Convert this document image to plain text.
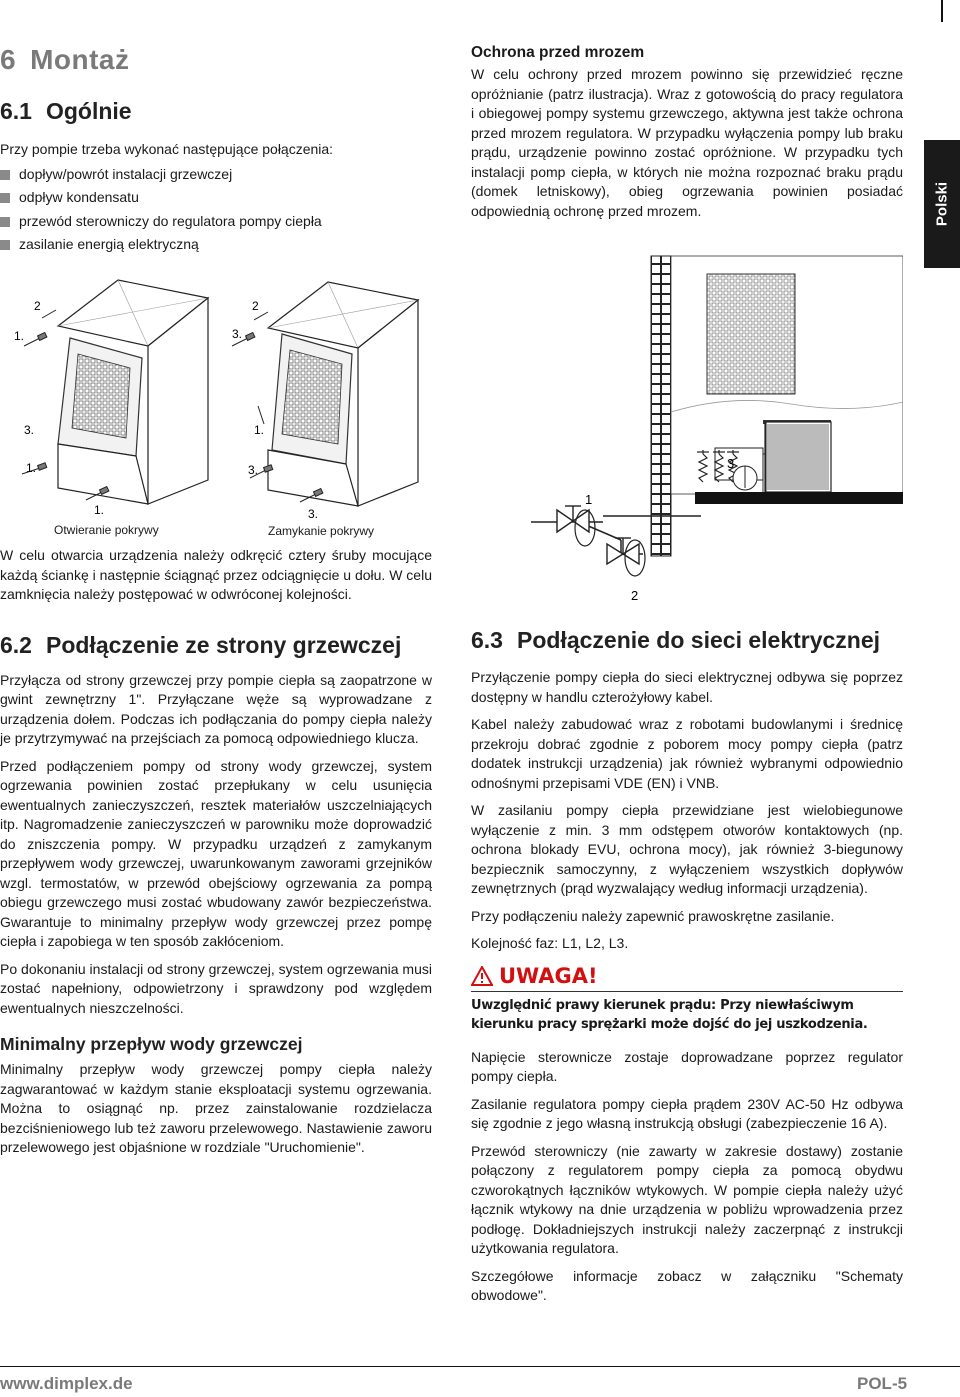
6 Montaż
6.1 Ogólnie

Przy pompie trzeba wykonać następujące połączenia:

dopływ/powrót instalacji grzewczej
odpływ kondensatu
przewód sterowniczy do regulatora pompy ciepła
zasilanie energią elektryczną
Ochrona przed mrozem

W celu ochrony przed mrozem powinno się przewidzieć ręczne opróżnianie (patrz ilustracja). Wraz z gotowością do pracy regulatora i obiegowej pompy systemu grzewczego, aktywna jest także ochrona przed mrozem regulatora. W przypadku wyłączenia pompy lub braku prądu, urządzenie powinno zostać opróżnione. W przypadku tych instalacji pomp ciepła, w których nie można rozpoznać braku prądu (domek letniskowy), obieg ogrzewania powinien posiadać odpowiednią ochronę przed mrozem.	Polski
2
1.
3.
1.
1.
2
3.
1.
3.
3.
Otwieranie pokrywy	Zamykanie pokrywy
1
2
3

W celu otwarcia urządzenia należy odkręcić cztery śruby mocujące każdą ściankę i następnie ściągnąć przez odciągnięcie u dołu. W celu zamknięcia należy postępować w odwróconej kolejności.

6.2 Podłączenie ze strony grzewczej

Przyłącza od strony grzewczej przy pompie ciepła są zaopatrzone w gwint zewnętrzny 1". Przyłączane węże są wyprowadzane z urządzenia dołem. Podczas ich podłączania do pompy ciepła należy je przytrzymywać na przejściach za pomocą odpowiedniego klucza.

Przed podłączeniem pompy od strony wody grzewczej, system ogrzewania powinien zostać przepłukany w celu usunięcia ewentualnych zanieczyszczeń, resztek materiałów uszczelniających itp. Nagromadzenie zanieczyszczeń w parowniku może doprowadzić do zniszczenia pompy. W przypadku urządzeń z zamykanym przepływem wody grzewczej, uwarunkowanym zaworami grzejników wzgl. termostatów, w przewód obejściowy ogrzewania za pompą obiegu grzewczego musi zostać wbudowany zawór bezpieczeństwa. Gwarantuje to minimalny przepływ wody grzewczej przez pompę ciepła i zapobiega w ten sposób zakłóceniom.

Po dokonaniu instalacji od strony grzewczej, system ogrzewania musi zostać napełniony, odpowietrzony i sprawdzony pod względem ewentualnych nieszczelności.

Minimalny przepływ wody grzewczej

Minimalny przepływ wody grzewczej pompy ciepła należy zagwarantować w każdym stanie eksploatacji systemu ogrzewania. Można to osiągnąć np. przez zainstalowanie rozdzielacza bezciśnieniowego lub też zaworu przelewowego. Nastawienie zaworu przelewowego jest objaśnione w rozdziale "Uruchomienie".

6.3 Podłączenie do sieci elektrycznej

Przyłączenie pompy ciepła do sieci elektrycznej odbywa się poprzez dostępny w handlu czterożyłowy kabel.

Kabel należy zabudować wraz z robotami budowlanymi i średnicę przekroju dobrać zgodnie z poborem mocy pompy ciepła (patrz dodatek instrukcji urządzenia) jak również wybranymi odpowiednio odnośnymi przepisami VDE (EN) i VNB.

W zasilaniu pompy ciepła przewidziane jest wielobiegunowe wyłączenie z min. 3 mm odstępem otworów kontaktowych (np. ochrona blokady EVU, ochrona mocy), jak również 3-biegunowy bezpiecznik samoczynny, z wyłączeniem wszystkich dopływów zewnętrznych (prąd wyzwalający według informacji urządzenia).

Przy podłączeniu należy zapewnić prawoskrętne zasilanie.

Kolejność faz: L1, L2, L3.

UWAGA!
Uwzględnić prawy kierunek prądu: Przy niewłaściwym kierunku pracy sprężarki może dojść do jej uszkodzenia.

Napięcie sterownicze zostaje doprowadzane poprzez regulator pompy ciepła.

Zasilanie regulatora pompy ciepła prądem 230V AC-50 Hz odbywa się zgodnie z jego własną instrukcją obsługi (zabezpieczenie 16 A).

Przewód sterowniczy (nie zawarty w zakresie dostawy) zostanie połączony z regulatorem pompy ciepła za pomocą obydwu czworokątnych łączników wtykowych. W pompie ciepła należy użyć łącznik wtykowy na dnie urządzenia w pobliżu wprowadzenia przez podłogę. Dokładniejszych instrukcji należy zaczerpnąć z instrukcji użytkowania regulatora.

Szczegółowe informacje zobacz w załączniku "Schematy obwodowe".

www.dimplex.de	POL-5
